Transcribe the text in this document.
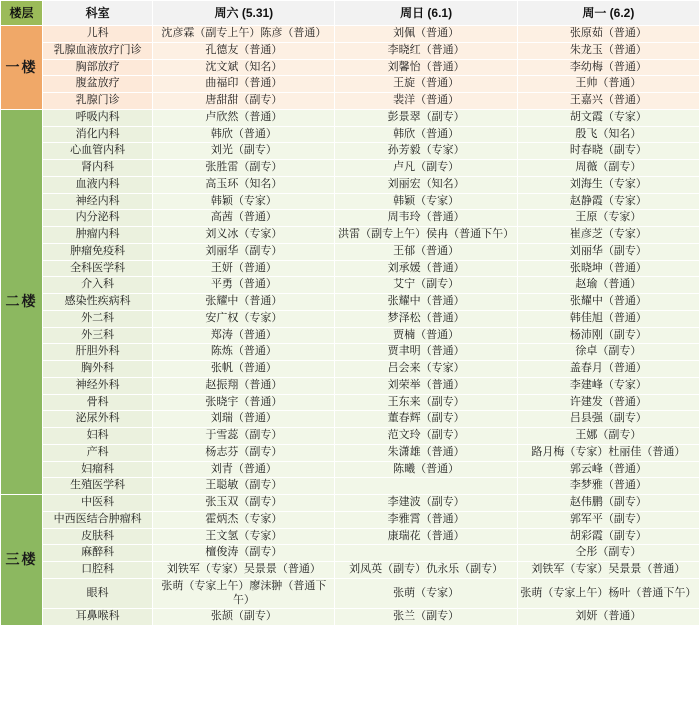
楼层	科室	周六 (5.31)	周日 (6.1)	周一 (6.2)
一楼	儿科	沈彦霖（副专上午）陈彦（普通）	刘佩（普通）	张原茹（普通）
	乳腺血液放疗门诊	孔德友（普通）	李晓红（普通）	朱龙玉（普通）
	胸部放疗	沈文斌（知名）	刘馨怡（普通）	李幼梅（普通）
	腹盆放疗	曲福印（普通）	王旋（普通）	王帅（普通）
	乳腺门诊	唐甜甜（副专）	裴洋（普通）	王嘉兴（普通）
二楼	呼吸内科	卢欣然（普通）	彭景翠（副专）	胡文霞（专家）
	消化内科	韩欣（普通）	韩欣（普通）	殷飞（知名）
	心血管内科	刘光（副专）	孙芳毅（专家）	时春晓（副专）
	肾内科	张胜雷（副专）	卢凡（副专）	周薇（副专）
	血液内科	高玉环（知名）	刘丽宏（知名）	刘海生（专家）
	神经内科	韩颖（专家）	韩颖（专家）	赵静霞（专家）
	内分泌科	高茜（普通）	周韦玲（普通）	王原（专家）
	肿瘤内科	刘义冰（专家）	洪雷（副专上午）侯冉（普通下午）	崔彦芝（专家）
	肿瘤免疫科	刘丽华（副专）	王郁（普通）	刘丽华（副专）
	全科医学科	王妍（普通）	刘承媛（普通）	张晓坤（普通）
	介入科	平勇（普通）	艾宁（副专）	赵瑜（普通）
	感染性疾病科	张耀中（普通）	张耀中（普通）	张耀中（普通）
	外二科	安广权（专家）	梦泽松（普通）	韩佳旭（普通）
	外三科	郑涛（普通）	贾楠（普通）	杨沛刚（副专）
	肝胆外科	陈炼（普通）	贾聿明（普通）	徐卓（副专）
	胸外科	张帆（普通）	吕会来（专家）	盖春月（普通）
	神经外科	赵振翔（普通）	刘荣举（普通）	李建峰（专家）
	骨科	张晓宇（普通）	王东来（副专）	许建发（普通）
	泌尿外科	刘瑞（普通）	董春辉（副专）	吕县强（副专）
	妇科	于雪蕊（副专）	范文玲（副专）	王娜（副专）
	产科	杨志芬（副专）	朱潇雄（普通）	路月梅（专家）杜丽佳（普通）
	妇瘤科	刘青（普通）	陈曦（普通）	郭云峰（普通）
	生殖医学科	王聪敏（副专）		李梦雅（普通）
三楼	中医科	张玉双（副专）	李建波（副专）	赵伟鹏（副专）
	中西医结合肿瘤科	霍炳杰（专家）	李雅霄（普通）	郭军平（副专）
	皮肤科	王文氢（专家）	康瑞花（普通）	胡彩霞（副专）
	麻醉科	檀俊涛（副专）		仝彤（副专）
	口腔科	刘铁军（专家）吴景景（普通）	刘凤英（副专）仇永乐（副专）	刘铁军（专家）吴景景（普通）
	眼科	张萌（专家上午）廖沫翀（普通下午）	张萌（专家）	张萌（专家上午）杨叶（普通下午）
	耳鼻喉科	张颉（副专）	张兰（副专）	刘妍（普通）
